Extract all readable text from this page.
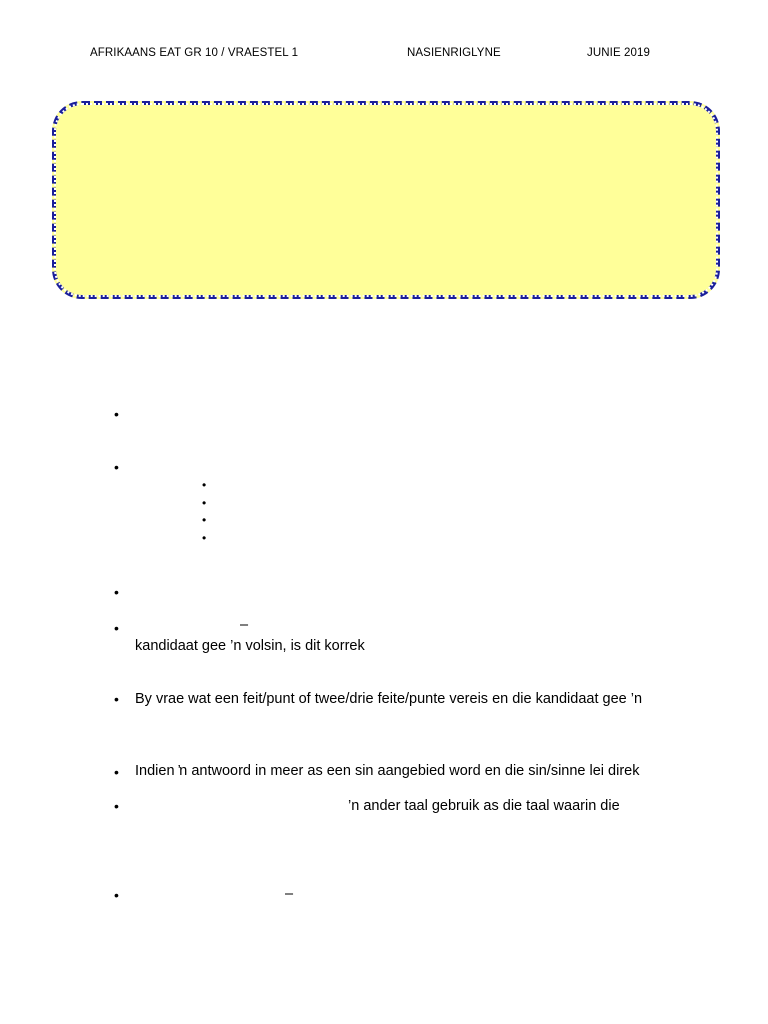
AFRIKAANS EAT GR 10 / VRAESTEL 1	NASIENRIGLYNE	JUNIE 2019
•
•
•
•
•
•
•
•	–
kandidaat gee ’n volsin, is dit korrek
• By vrae wat een feit/punt of twee/drie feite/punte vereis en die kandidaat gee ’n
• Indien ŉ antwoord in meer as een sin aangebied word en die sin/sinne lei direk
•	’n ander taal gebruik as die taal waarin die
•	–
